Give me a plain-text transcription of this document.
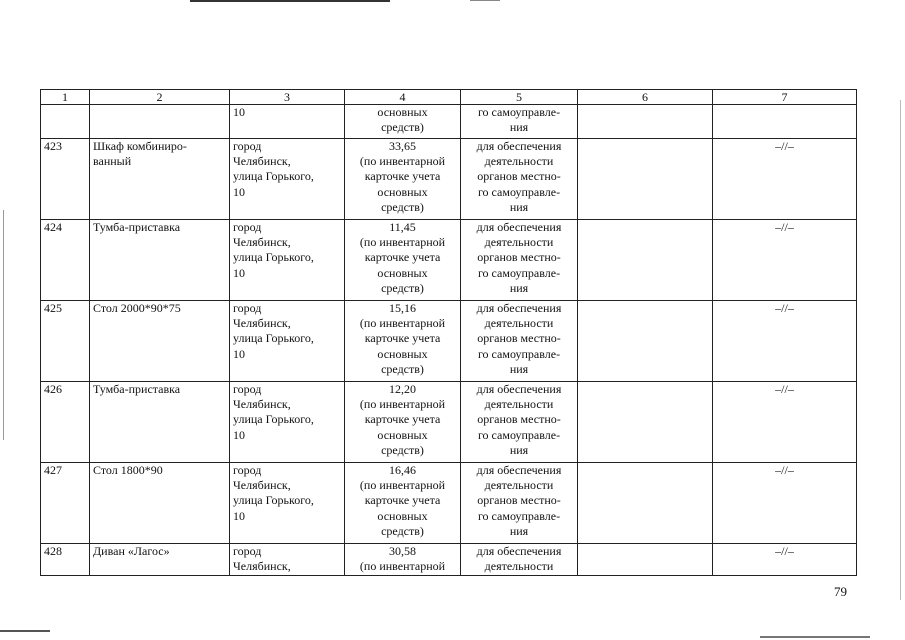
1	2	3	4	5	6	7

		10	основных
средств)	го самоуправле-
ния		

423	Шкаф комбиниро-
ванный	город
Челябинск,
улица Горького,
10	33,65
(по инвентарной
карточке учета
основных
средств)	для обеспечения
деятельности
органов местно-
го самоуправле-
ния		–//–

424	Тумба-приставка	город
Челябинск,
улица Горького,
10	11,45
(по инвентарной
карточке учета
основных
средств)	для обеспечения
деятельности
органов местно-
го самоуправле-
ния		–//–

425	Стол 2000*90*75	город
Челябинск,
улица Горького,
10	15,16
(по инвентарной
карточке учета
основных
средств)	для обеспечения
деятельности
органов местно-
го самоуправле-
ния		–//–

426	Тумба-приставка	город
Челябинск,
улица Горького,
10	12,20
(по инвентарной
карточке учета
основных
средств)	для обеспечения
деятельности
органов местно-
го самоуправле-
ния		–//–

427	Стол 1800*90	город
Челябинск,
улица Горького,
10	16,46
(по инвентарной
карточке учета
основных
средств)	для обеспечения
деятельности
органов местно-
го самоуправле-
ния		–//–

428	Диван «Лагос»	город
Челябинск,	30,58
(по инвентарной	для обеспечения
деятельности		–//–
79
